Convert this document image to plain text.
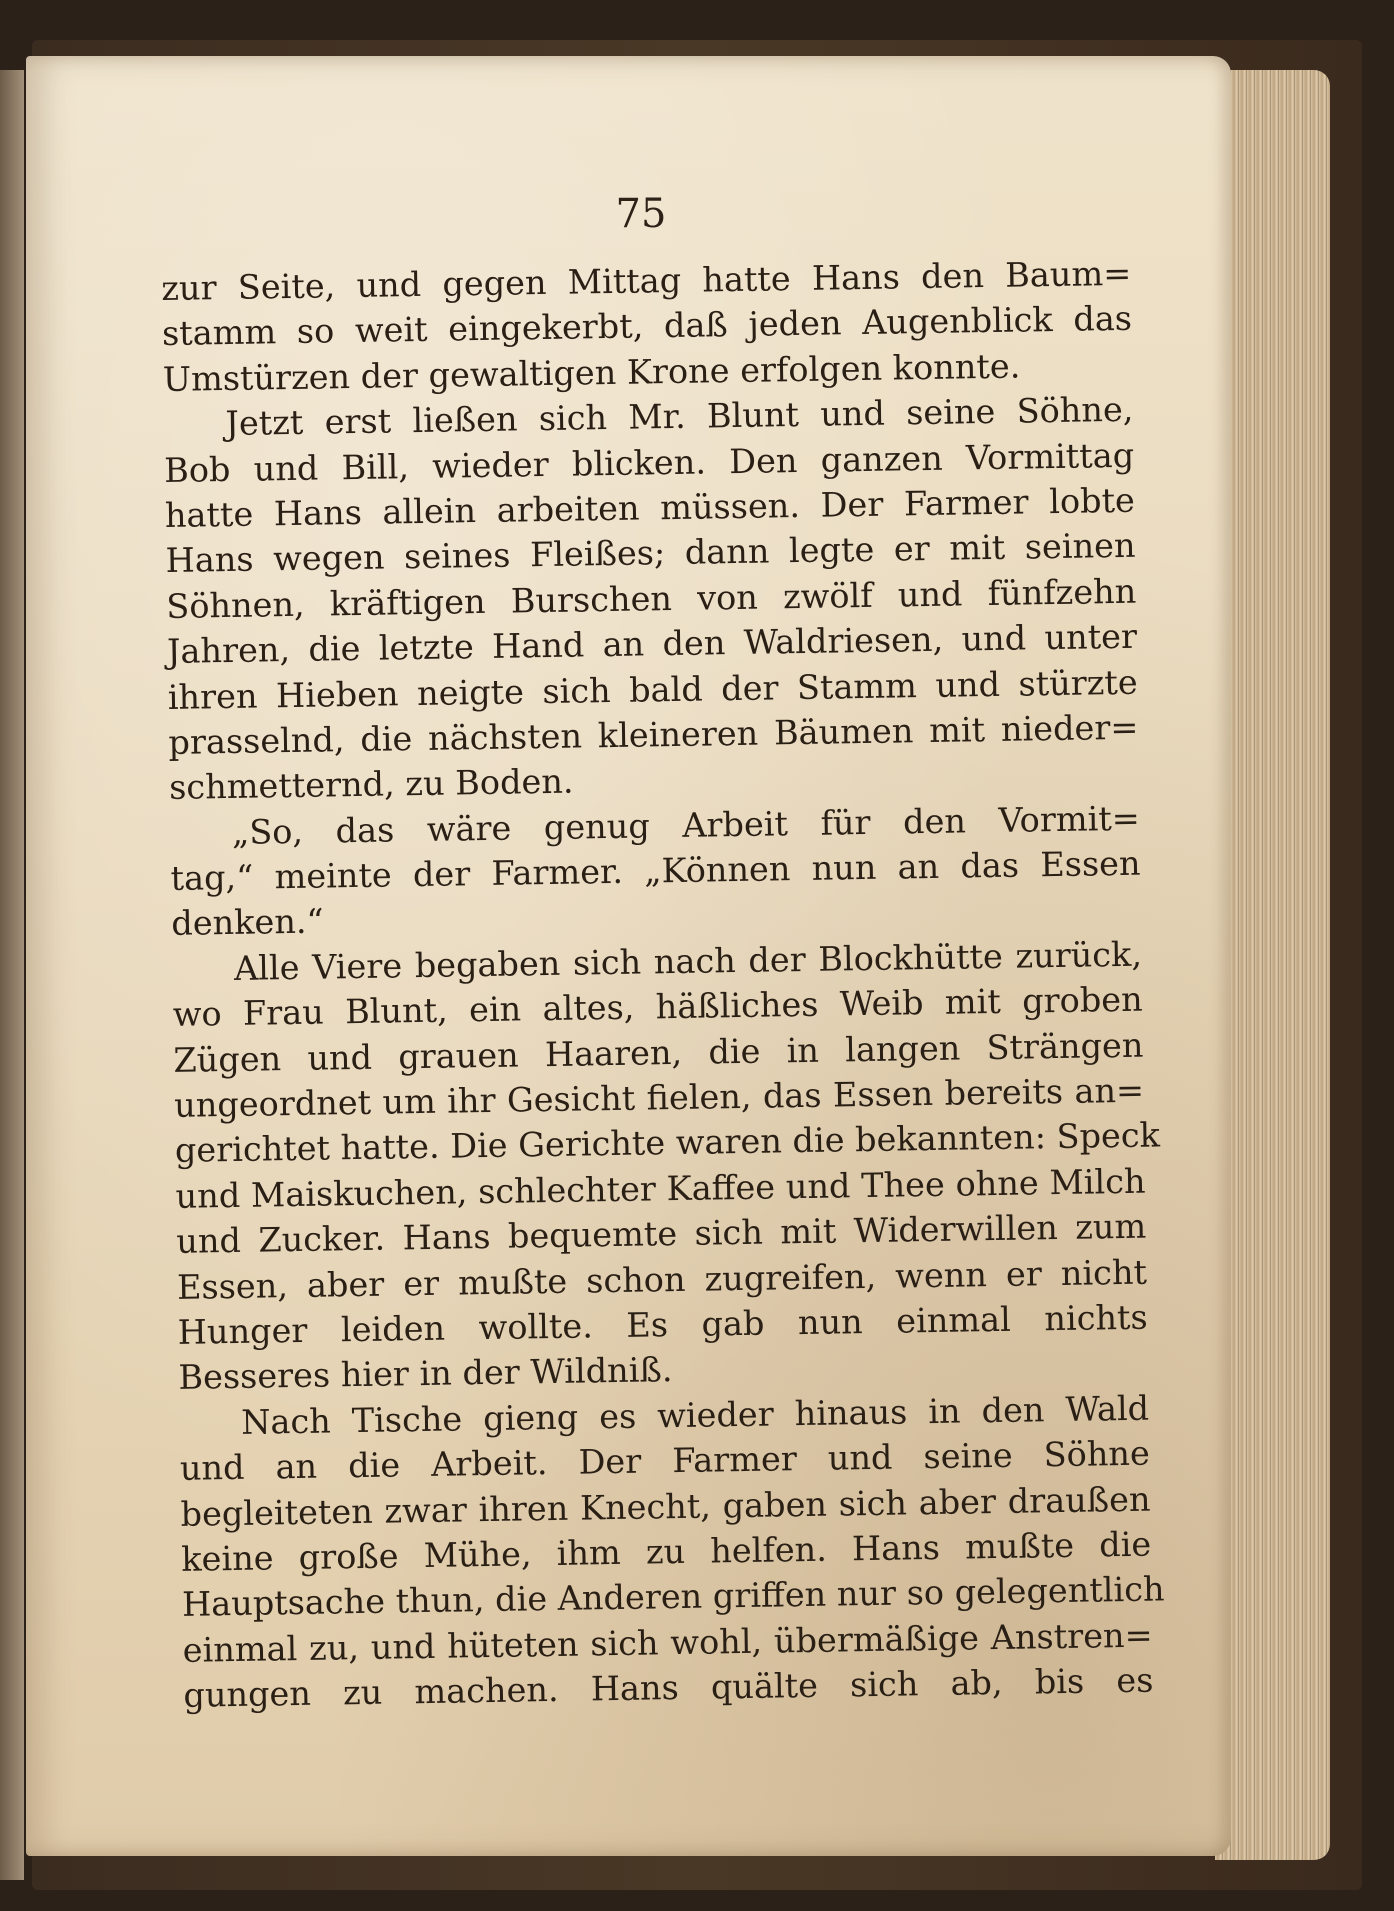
75
zur Seite, und gegen Mittag hatte Hans den Baum=
stamm so weit eingekerbt, daß jeden Augenblick das
Umstürzen der gewaltigen Krone erfolgen konnte.
Jetzt erst ließen sich Mr. Blunt und seine Söhne,
Bob und Bill, wieder blicken. Den ganzen Vormittag
hatte Hans allein arbeiten müssen. Der Farmer lobte
Hans wegen seines Fleißes; dann legte er mit seinen
Söhnen, kräftigen Burschen von zwölf und fünfzehn
Jahren, die letzte Hand an den Waldriesen, und unter
ihren Hieben neigte sich bald der Stamm und stürzte
prasselnd, die nächsten kleineren Bäumen mit nieder=
schmetternd, zu Boden.
„So, das wäre genug Arbeit für den Vormit=
tag,“ meinte der Farmer. „Können nun an das Essen
denken.“
Alle Viere begaben sich nach der Blockhütte zurück,
wo Frau Blunt, ein altes, häßliches Weib mit groben
Zügen und grauen Haaren, die in langen Strängen
ungeordnet um ihr Gesicht fielen, das Essen bereits an=
gerichtet hatte. Die Gerichte waren die bekannten: Speck
und Maiskuchen, schlechter Kaffee und Thee ohne Milch
und Zucker. Hans bequemte sich mit Widerwillen zum
Essen, aber er mußte schon zugreifen, wenn er nicht
Hunger leiden wollte. Es gab nun einmal nichts
Besseres hier in der Wildniß.
Nach Tische gieng es wieder hinaus in den Wald
und an die Arbeit. Der Farmer und seine Söhne
begleiteten zwar ihren Knecht, gaben sich aber draußen
keine große Mühe, ihm zu helfen. Hans mußte die
Hauptsache thun, die Anderen griffen nur so gelegentlich
einmal zu, und hüteten sich wohl, übermäßige Anstren=
gungen zu machen. Hans quälte sich ab, bis es
